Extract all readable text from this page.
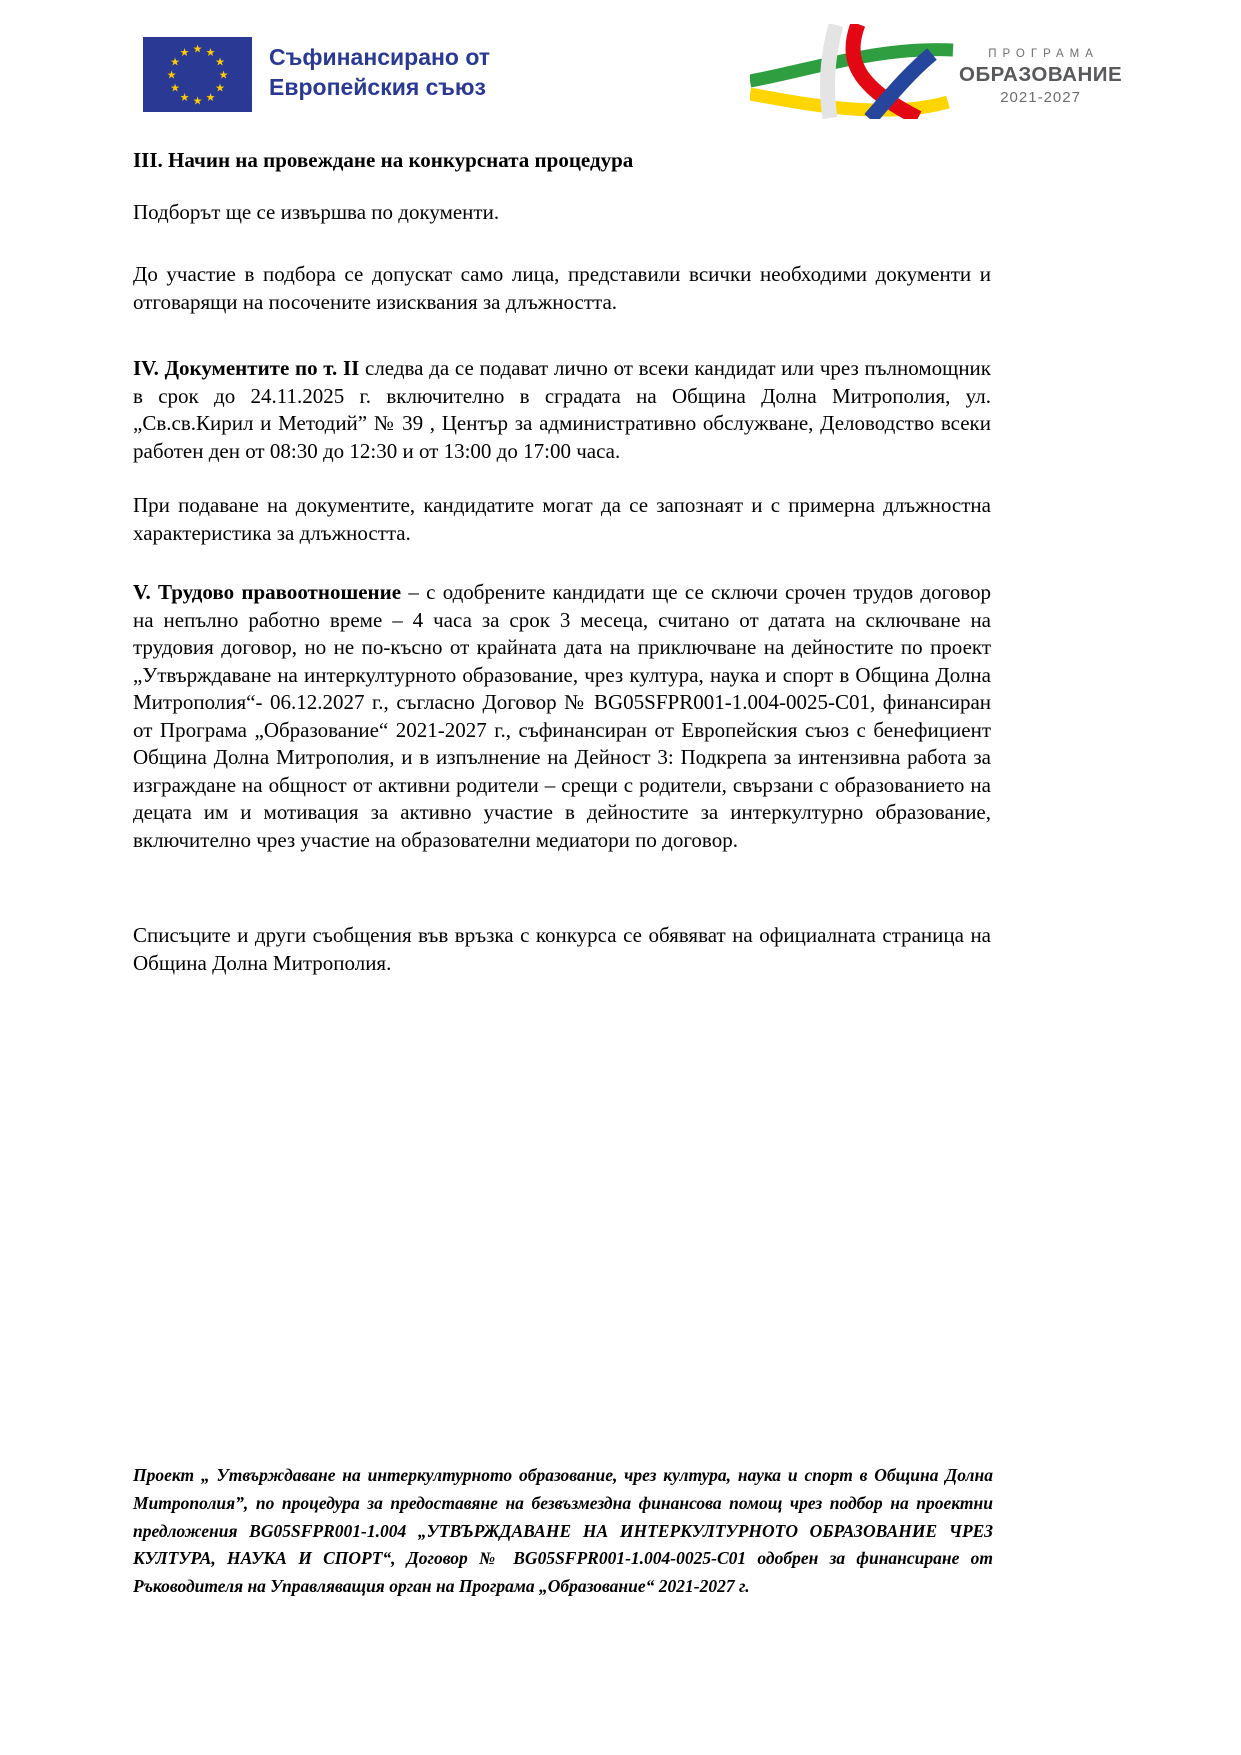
★ ★
★
★
★
★
★
★
★
★
★
★	Съфинансирано от
Европейския съюз
ПРОГРАМА
ОБРАЗОВАНИЕ
2021-2027
III. Начин на провеждане на конкурсната процедура

Подборът ще се извършва по документи.

До участие в подбора се допускат само лица, представили всички необходими документи и отговарящи на посочените изисквания за длъжността.

IV. Документите по т. II следва да се подават лично от всеки кандидат или чрез пълномощник в срок до 24.11.2025 г. включително в сградата на Община Долна Митрополия, ул. „Св.св.Кирил и Методий” № 39 , Център за административно обслужване, Деловодство всеки работен ден от 08:30 до 12:30 и от 13:00 до 17:00 часа.

При подаване на документите, кандидатите могат да се запознаят и с примерна длъжностна характеристика за длъжността.

V. Трудово правоотношение – с одобрените кандидати ще се сключи срочен трудов договор на непълно работно време – 4 часа за срок 3 месеца, считано от датата на сключване на трудовия договор, но не по-късно от крайната дата на приключване на дейностите по проект „Утвърждаване на интеркултурното образование, чрез култура, наука и спорт в Община Долна Митрополия“- 06.12.2027 г., съгласно Договор № BG05SFPR001-1.004-0025-C01, финансиран от Програма „Образование“ 2021-2027 г., съфинансиран от Европейския съюз с бенефициент Община Долна Митрополия, и в изпълнение на Дейност 3: Подкрепа за интензивна работа за изграждане на общност от активни родители – срещи с родители, свързани с образованието на децата им и мотивация за активно участие в дейностите за интеркултурно образование, включително чрез участие на образователни медиатори по договор.

Списъците и други съобщения във връзка с конкурса се обявяват на официалната страница на Община Долна Митрополия.

Проект „ Утвърждаване на интеркултурното образование, чрез култура, наука и спорт в Община Долна Митрополия”, по процедура за предоставяне на безвъзмездна финансова помощ чрез подбор на проектни предложения BG05SFPR001-1.004 „УТВЪРЖДАВАНЕ НА ИНТЕРКУЛТУРНОТО ОБРАЗОВАНИЕ ЧРЕЗ КУЛТУРА, НАУКА И СПОРТ“, Договор № BG05SFPR001-1.004-0025-C01 одобрен за финансиране от Ръководителя на Управляващия орган на Програма „Образование“ 2021-2027 г.
